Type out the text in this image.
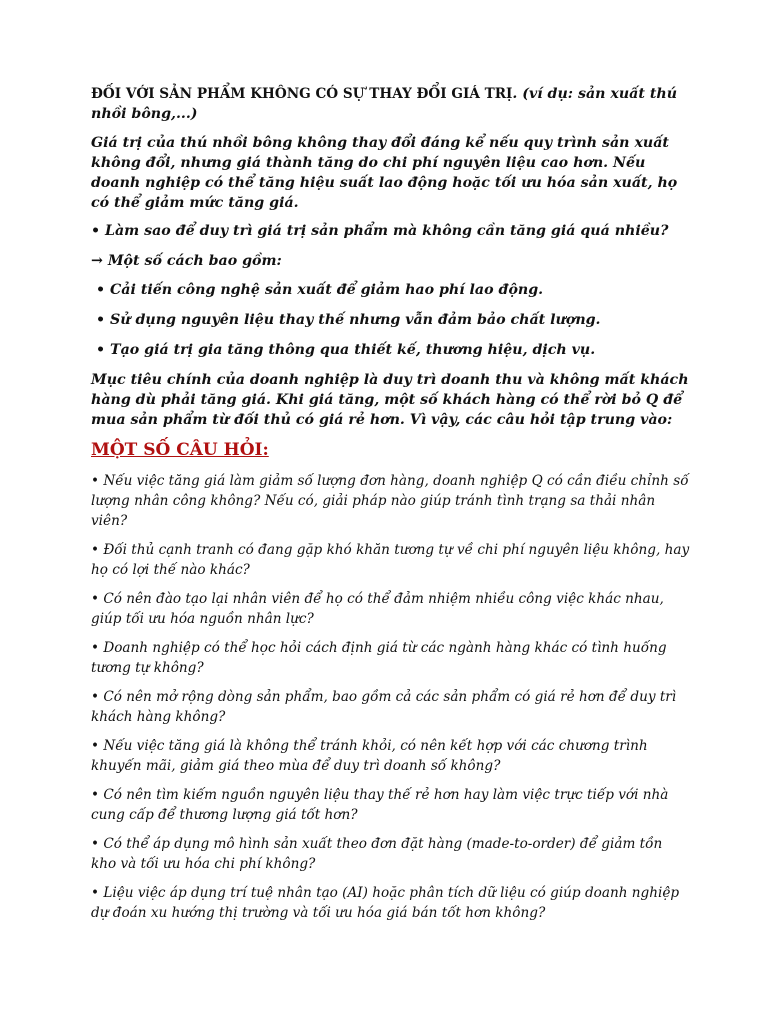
ĐỐI VỚI SẢN PHẨM KHÔNG CÓ SỰ THAY ĐỔI GIÁ TRỊ. (ví dụ: sản xuất thú nhồi bông,...)

Giá trị của thú nhồi bông không thay đổi đáng kể nếu quy trình sản xuất không đổi, nhưng giá thành tăng do chi phí nguyên liệu cao hơn. Nếu doanh nghiệp có thể tăng hiệu suất lao động hoặc tối ưu hóa sản xuất, họ có thể giảm mức tăng giá.

• Làm sao để duy trì giá trị sản phẩm mà không cần tăng giá quá nhiều?

→ Một số cách bao gồm:

• Cải tiến công nghệ sản xuất để giảm hao phí lao động.
• Sử dụng nguyên liệu thay thế nhưng vẫn đảm bảo chất lượng.
• Tạo giá trị gia tăng thông qua thiết kế, thương hiệu, dịch vụ.

Mục tiêu chính của doanh nghiệp là duy trì doanh thu và không mất khách hàng dù phải tăng giá. Khi giá tăng, một số khách hàng có thể rời bỏ Q để mua sản phẩm từ đối thủ có giá rẻ hơn. Vì vậy, các câu hỏi tập trung vào:

MỘT SỐ CÂU HỎI:
• Nếu việc tăng giá làm giảm số lượng đơn hàng, doanh nghiệp Q có cần điều chỉnh số lượng nhân công không? Nếu có, giải pháp nào giúp tránh tình trạng sa thải nhân viên?
• Đối thủ cạnh tranh có đang gặp khó khăn tương tự về chi phí nguyên liệu không, hay họ có lợi thế nào khác?
• Có nên đào tạo lại nhân viên để họ có thể đảm nhiệm nhiều công việc khác nhau, giúp tối ưu hóa nguồn nhân lực?
• Doanh nghiệp có thể học hỏi cách định giá từ các ngành hàng khác có tình huống tương tự không?
• Có nên mở rộng dòng sản phẩm, bao gồm cả các sản phẩm có giá rẻ hơn để duy trì khách hàng không?
• Nếu việc tăng giá là không thể tránh khỏi, có nên kết hợp với các chương trình khuyến mãi, giảm giá theo mùa để duy trì doanh số không?
• Có nên tìm kiếm nguồn nguyên liệu thay thế rẻ hơn hay làm việc trực tiếp với nhà cung cấp để thương lượng giá tốt hơn?
• Có thể áp dụng mô hình sản xuất theo đơn đặt hàng (made-to-order) để giảm tồn kho và tối ưu hóa chi phí không?
• Liệu việc áp dụng trí tuệ nhân tạo (AI) hoặc phân tích dữ liệu có giúp doanh nghiệp dự đoán xu hướng thị trường và tối ưu hóa giá bán tốt hơn không?
